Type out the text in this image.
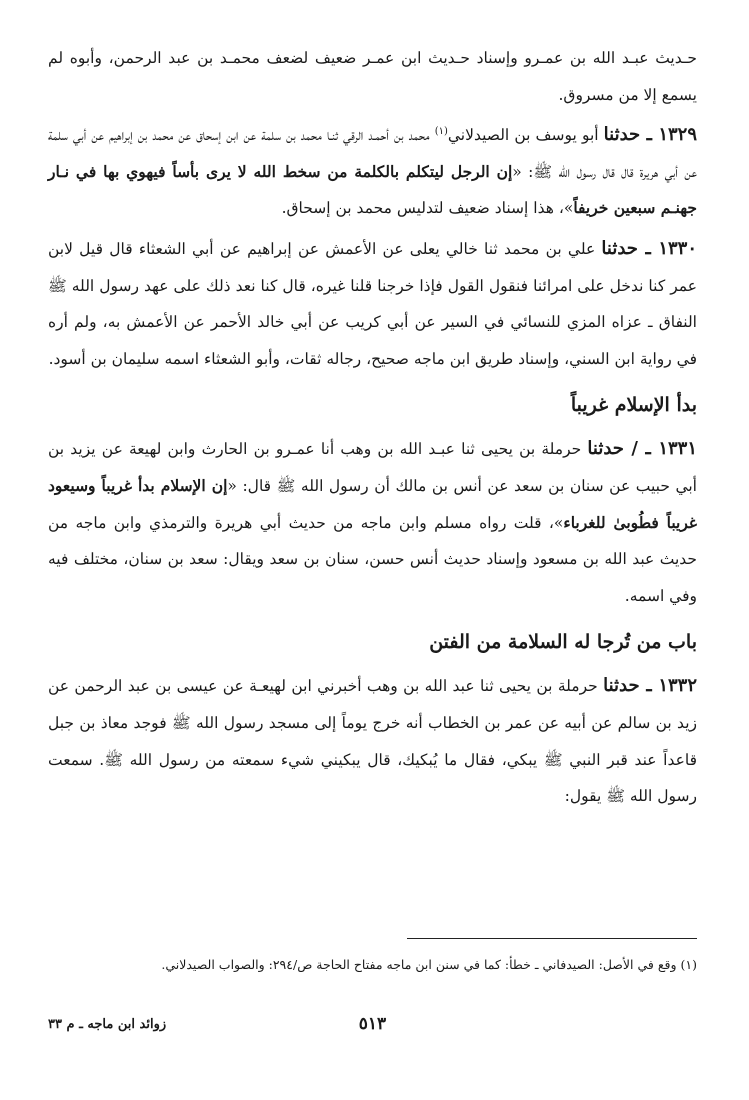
حـديث عبـد الله بن عمـرو وإسناد حـديث ابن عمـر ضعيف لضعف محمـد بن عبد الرحمن، وأبوه لم يسمع إلا من مسروق.

١٣٢٩ ـ حدثنا أبو يوسف بن الصيدلاني$^{(١)}$ محمد بن أحمـد الرقي ثنـا محمد بن سلمة عن ابن إسحاق عن محمد بن إبراهيم عن أبي سلمة عن أبي هريرة قال قال رسول الله ﷺ: «إن الرجل ليتكلم بالكلمة من سخط الله لا يرى بأساً فيهوي بها في نـار جهنـم سبعين خريفاً»، هذا إسناد ضعيف لتدليس محمد بن إسحاق.

١٣٣٠ ـ حدثنا علي بن محمد ثنا خالي يعلى عن الأعمش عن إبراهيم عن أبي الشعثاء قال قيل لابن عمر كنا ندخل على امرائنا فنقول القول فإذا خرجنا قلنا غيره، قال كنا نعد ذلك على عهد رسول الله ﷺ النفاق ـ عزاه المزي للنسائي في السير عن أبي كريب عن أبي خالد الأحمر عن الأعمش به، ولم أره في رواية ابن السني، وإسناد طريق ابن ماجه صحيح، رجاله ثقات، وأبو الشعثاء اسمه سليمان بن أسود.

بدأ الإسلام غريباً

١٣٣١ ـ / حدثنا حرملة بن يحيى ثنا عبـد الله بن وهب أنا عمـرو بن الحارث وابن لهيعة عن يزيد بن أبي حبيب عن سنان بن سعد عن أنس بن مالك أن رسول الله ﷺ قال: «إن الإسلام بدأ غريباً وسيعود غريباً فطُوبىٰ للغرباء»، قلت رواه مسلم وابن ماجه من حديث أبي هريرة والترمذي وابن ماجه من حديث عبد الله بن مسعود وإسناد حديث أنس حسن، سنان بن سعد ويقال: سعد بن سنان، مختلف فيه وفي اسمه.

باب من تُرجا له السلامة من الفتن

١٣٣٢ ـ حدثنا حرملة بن يحيى ثنا عبد الله بن وهب أخبرني ابن لهيعـة عن عيسى بن عبد الرحمن عن زيد بن سالم عن أبيه عن عمر بن الخطاب أنه خرج يوماً إلى مسجد رسول الله ﷺ فوجد معاذ بن جبل قاعداً عند قبر النبي ﷺ يبكي، فقال ما يُبكيك، قال يبكيني شيء سمعته من رسول الله ﷺ. سمعت رسول الله ﷺ يقول:

(١) وقع في الأصل: الصيدفاني ـ خطأ: كما في سنن ابن ماجه مفتاح الحاجة ص/٢٩٤: والصواب الصيدلاني.
٥١٣
زوائد ابن ماجه ـ م ٣٣
